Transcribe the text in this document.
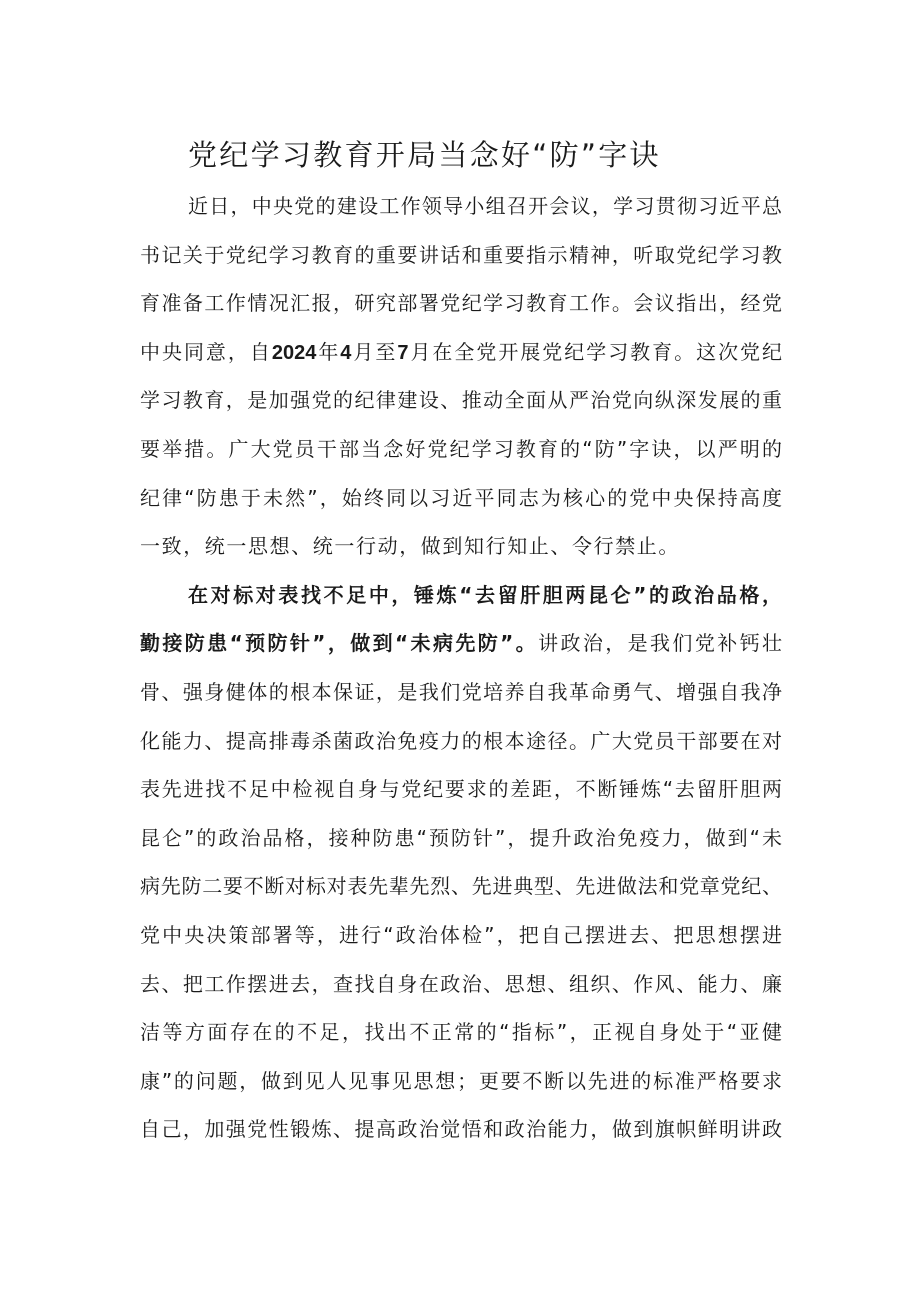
党纪学习教育开局当念好“防”字诀
近日，中央党的建设工作领导小组召开会议，学习贯彻习近平总
书记关于党纪学习教育的重要讲话和重要指示精神，听取党纪学习教
育准备工作情况汇报，研究部署党纪学习教育工作。会议指出，经党
中央同意，自2024年4月至7月在全党开展党纪学习教育。这次党纪
学习教育，是加强党的纪律建设、推动全面从严治党向纵深发展的重
要举措。广大党员干部当念好党纪学习教育的“防”字诀，以严明的
纪律“防患于未然”，始终同以习近平同志为核心的党中央保持高度
一致，统一思想、统一行动，做到知行知止、令行禁止。
在对标对表找不足中，锤炼“去留肝胆两昆仑”的政治品格，
勤接防患“预防针”，做到“未病先防”。讲政治，是我们党补钙壮
骨、强身健体的根本保证，是我们党培养自我革命勇气、增强自我净
化能力、提高排毒杀菌政治免疫力的根本途径。广大党员干部要在对
表先进找不足中检视自身与党纪要求的差距，不断锤炼“去留肝胆两
昆仑”的政治品格，接种防患“预防针”，提升政治免疫力，做到“未
病先防二要不断对标对表先辈先烈、先进典型、先进做法和党章党纪、
党中央决策部署等，进行“政治体检”，把自己摆进去、把思想摆进
去、把工作摆进去，查找自身在政治、思想、组织、作风、能力、廉
洁等方面存在的不足，找出不正常的“指标”，正视自身处于“亚健
康”的问题，做到见人见事见思想；更要不断以先进的标准严格要求
自己，加强党性锻炼、提高政治觉悟和政治能力，做到旗帜鲜明讲政
